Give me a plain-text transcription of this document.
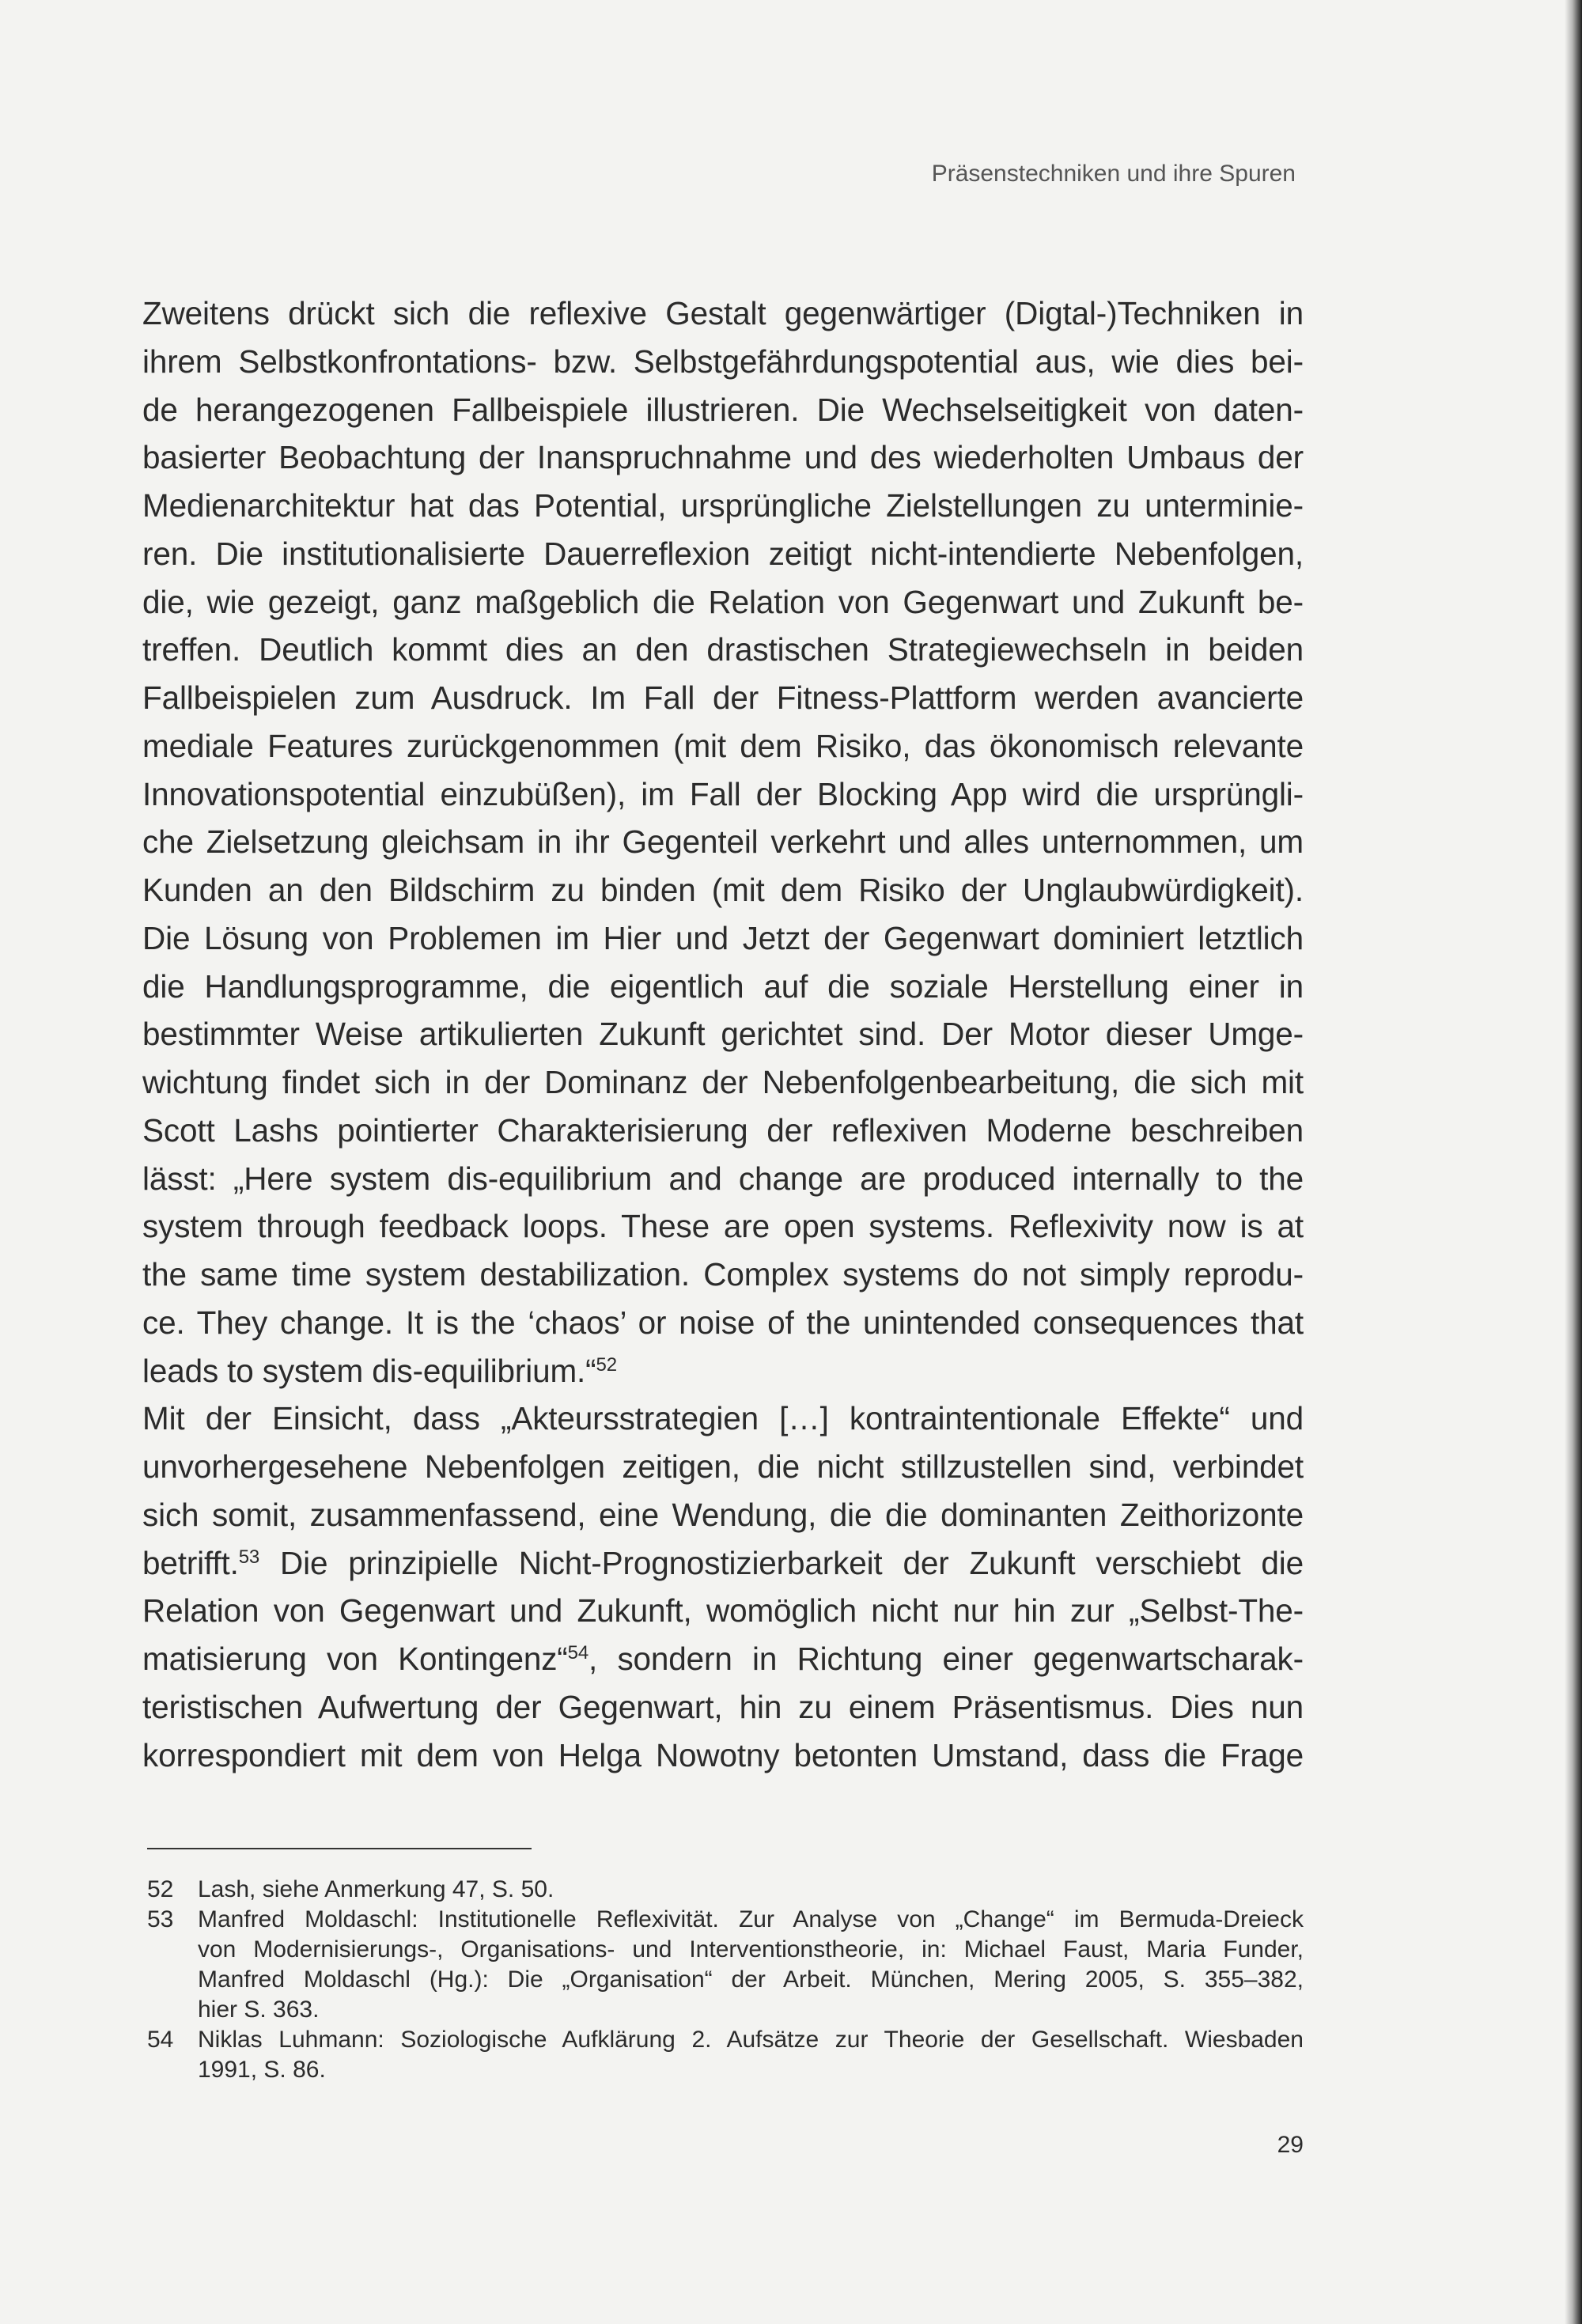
Präsenstechniken und ihre Spuren
Zweitens drückt sich die reflexive Gestalt gegenwärtiger (Digtal-)Techniken in
ihrem Selbstkonfrontations- bzw. Selbstgefährdungspotential aus, wie dies bei-
de herangezogenen Fallbeispiele illustrieren. Die Wechselseitigkeit von daten-
basierter Beobachtung der Inanspruchnahme und des wiederholten Umbaus der
Medienarchitektur hat das Potential, ursprüngliche Zielstellungen zu unterminie-
ren. Die institutionalisierte Dauerreflexion zeitigt nicht-intendierte Nebenfolgen,
die, wie gezeigt, ganz maßgeblich die Relation von Gegenwart und Zukunft be-
treffen. Deutlich kommt dies an den drastischen Strategiewechseln in beiden
Fallbeispielen zum Ausdruck. Im Fall der Fitness-Plattform werden avancierte
mediale Features zurückgenommen (mit dem Risiko, das ökonomisch relevante
Innovationspotential einzubüßen), im Fall der Blocking App wird die ursprüngli-
che Zielsetzung gleichsam in ihr Gegenteil verkehrt und alles unternommen, um
Kunden an den Bildschirm zu binden (mit dem Risiko der Unglaubwürdigkeit).
Die Lösung von Problemen im Hier und Jetzt der Gegenwart dominiert letztlich
die Handlungsprogramme, die eigentlich auf die soziale Herstellung einer in
bestimmter Weise artikulierten Zukunft gerichtet sind. Der Motor dieser Umge-
wichtung findet sich in der Dominanz der Nebenfolgenbearbeitung, die sich mit
Scott Lashs pointierter Charakterisierung der reflexiven Moderne beschreiben
lässt: „Here system dis-equilibrium and change are produced internally to the
system through feedback loops. These are open systems. Reflexivity now is at
the same time system destabilization. Complex systems do not simply reprodu-
ce. They change. It is the ‘chaos’ or noise of the unintended consequences that
leads to system dis-equilibrium.“$^{52}$
Mit der Einsicht, dass „Akteursstrategien […] kontraintentionale Effekte“ und
unvorhergesehene Nebenfolgen zeitigen, die nicht stillzustellen sind, verbindet
sich somit, zusammenfassend, eine Wendung, die die dominanten Zeithorizonte
betrifft.$^{53}$ Die prinzipielle Nicht-Prognostizierbarkeit der Zukunft verschiebt die
Relation von Gegenwart und Zukunft, womöglich nicht nur hin zur „Selbst-The-
matisierung von Kontingenz“$^{54}$, sondern in Richtung einer gegenwartscharak-
teristischen Aufwertung der Gegenwart, hin zu einem Präsentismus. Dies nun
korrespondiert mit dem von Helga Nowotny betonten Umstand, dass die Frage
52 Lash, siehe Anmerkung 47, S. 50.
53 Manfred Moldaschl: Institutionelle Reflexivität. Zur Analyse von „Change“ im Bermuda-Dreieck
von Modernisierungs-, Organisations- und Interventionstheorie, in: Michael Faust, Maria Funder,
Manfred Moldaschl (Hg.): Die „Organisation“ der Arbeit. München, Mering 2005, S. 355–382,
hier S. 363.
54 Niklas Luhmann: Soziologische Aufklärung 2. Aufsätze zur Theorie der Gesellschaft. Wiesbaden
1991, S. 86.
29
